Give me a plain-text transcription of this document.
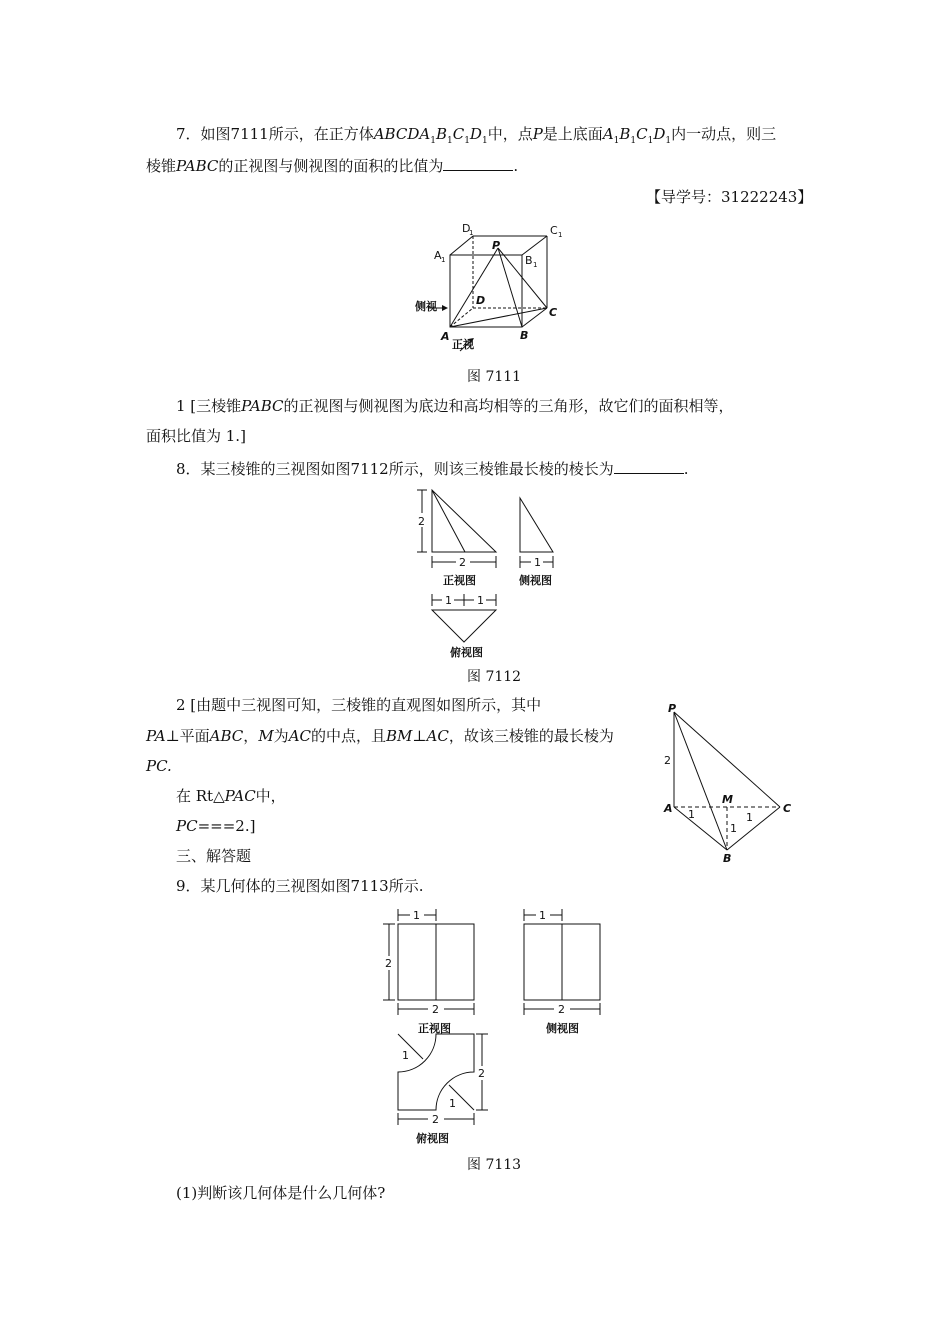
7．如图7111所示，在正方体$ABCDA_1B_1C_1D_1$中，点P是上底面$A_1B_1C_1D_1$内一动点，则三
棱锥PABC的正视图与侧视图的面积的比值为	.
【导学号：31222243】
D
1	C 1
A 1	B 1
P
D
C
A	B
侧视
正视
图 7111
1 [三棱锥PABC的正视图与侧视图为底边和高均相等的三角形，故它们的面积相等，
面积比值为 1.]
8．某三棱锥的三视图如图7112所示，则该三棱锥最长棱的棱长为	.
2
2	1
1 1
正视图	侧视图
俯视图
图 7112
2 [由题中三视图可知，三棱锥的直观图如图所示，其中
PA⊥平面ABC，M为AC的中点，且BM⊥AC，故该三棱锥的最长棱为
PC.
在 Rt△PAC中，
PC===2.]
P
A
M
C
B
2
1	1
1
三、解答题
9．某几何体的三视图如图7113所示.
1
2
2
1
2
1
1
2
2
正视图	侧视图
俯视图
图 7113
(1)判断该几何体是什么几何体?
